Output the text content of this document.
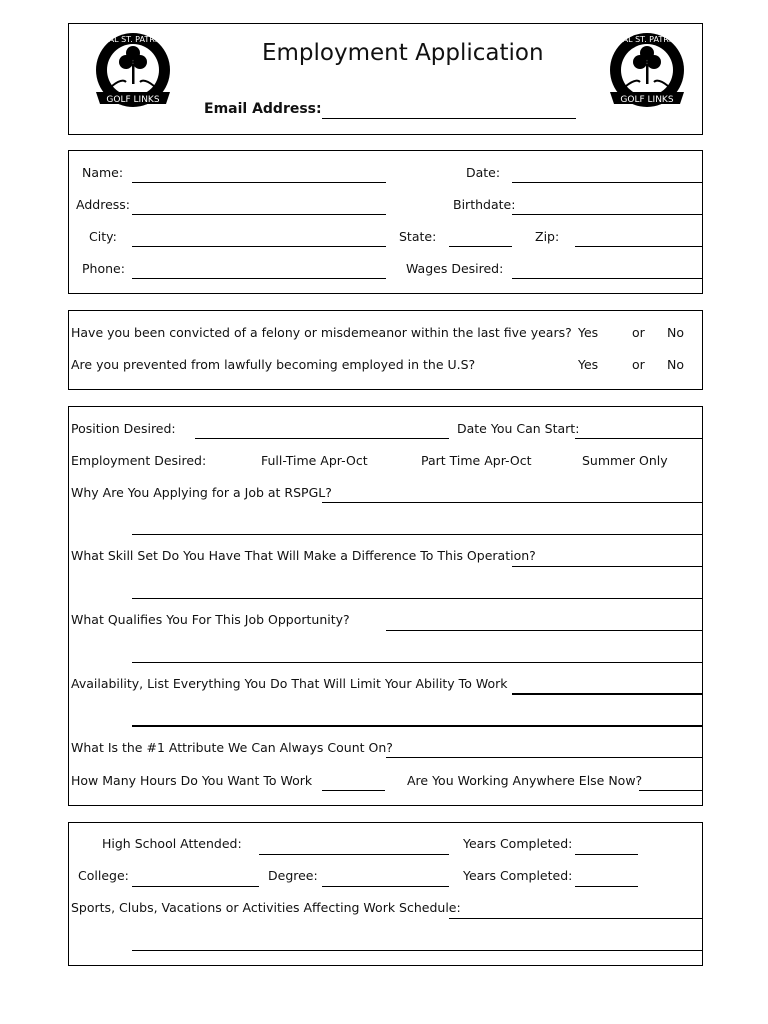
GOLF LINKS
ROYAL ST. PATRICKS
GOLF LINKS
ROYAL ST. PATRICKS
Employment Application
Email Address:
Name:	Date:
Address:	Birthdate:
City:	State:	Zip:
Phone:	Wages Desired:
Have you been convicted of a felony or misdemeanor within the last five years? Yes	or No
Are you prevented from lawfully becoming employed in the U.S?	Yes	or No
Position Desired:	Date You Can Start:
Employment Desired:	Full-Time Apr-Oct	Part Time Apr-Oct	Summer Only
Why Are You Applying for a Job at RSPGL?
What Skill Set Do You Have That Will Make a Difference To This Operation?
What Qualifies You For This Job Opportunity?
Availability, List Everything You Do That Will Limit Your Ability To Work
What Is the #1 Attribute We Can Always Count On?
How Many Hours Do You Want To Work	Are You Working Anywhere Else Now?
High School Attended:	Years Completed:
College:	Degree:	Years Completed:
Sports, Clubs, Vacations or Activities Affecting Work Schedule:
